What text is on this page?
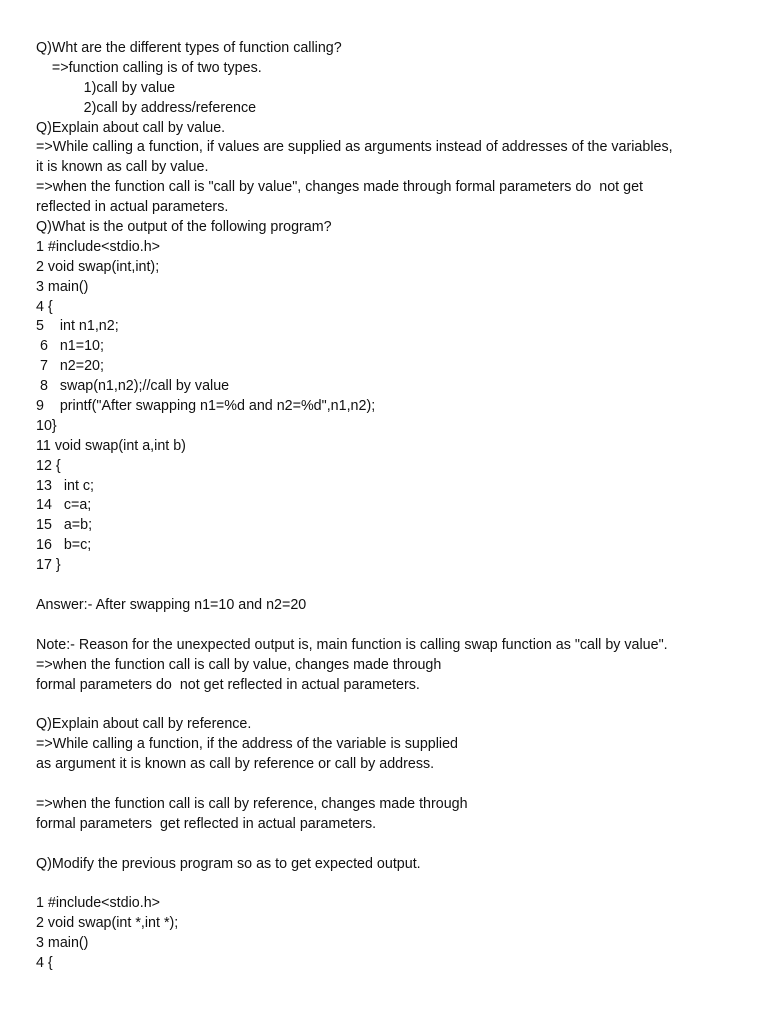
Q)Wht are the different types of function calling?
=>function calling is of two types.
1)call by value
2)call by address/reference
Q)Explain about call by value.
=>While calling a function, if values are supplied as arguments instead of addresses of the variables,
it is known as call by value.
=>when the function call is "call by value", changes made through formal parameters do  not get
reflected in actual parameters.
Q)What is the output of the following program?
1 #include<stdio.h>
2 void swap(int,int);
3 main()
4 {
5    int n1,n2;
6   n1=10;
7   n2=20;
8   swap(n1,n2);//call by value
9    printf("After swapping n1=%d and n2=%d",n1,n2);
10}
11 void swap(int a,int b)
12 {
13   int c;
14   c=a;
15   a=b;
16   b=c;
17 }
Answer:- After swapping n1=10 and n2=20
Note:- Reason for the unexpected output is, main function is calling swap function as "call by value".
=>when the function call is call by value, changes made through
formal parameters do  not get reflected in actual parameters.
Q)Explain about call by reference.
=>While calling a function, if the address of the variable is supplied
as argument it is known as call by reference or call by address.
=>when the function call is call by reference, changes made through
formal parameters  get reflected in actual parameters.
Q)Modify the previous program so as to get expected output.
1 #include<stdio.h>
2 void swap(int *,int *);
3 main()
4 {
